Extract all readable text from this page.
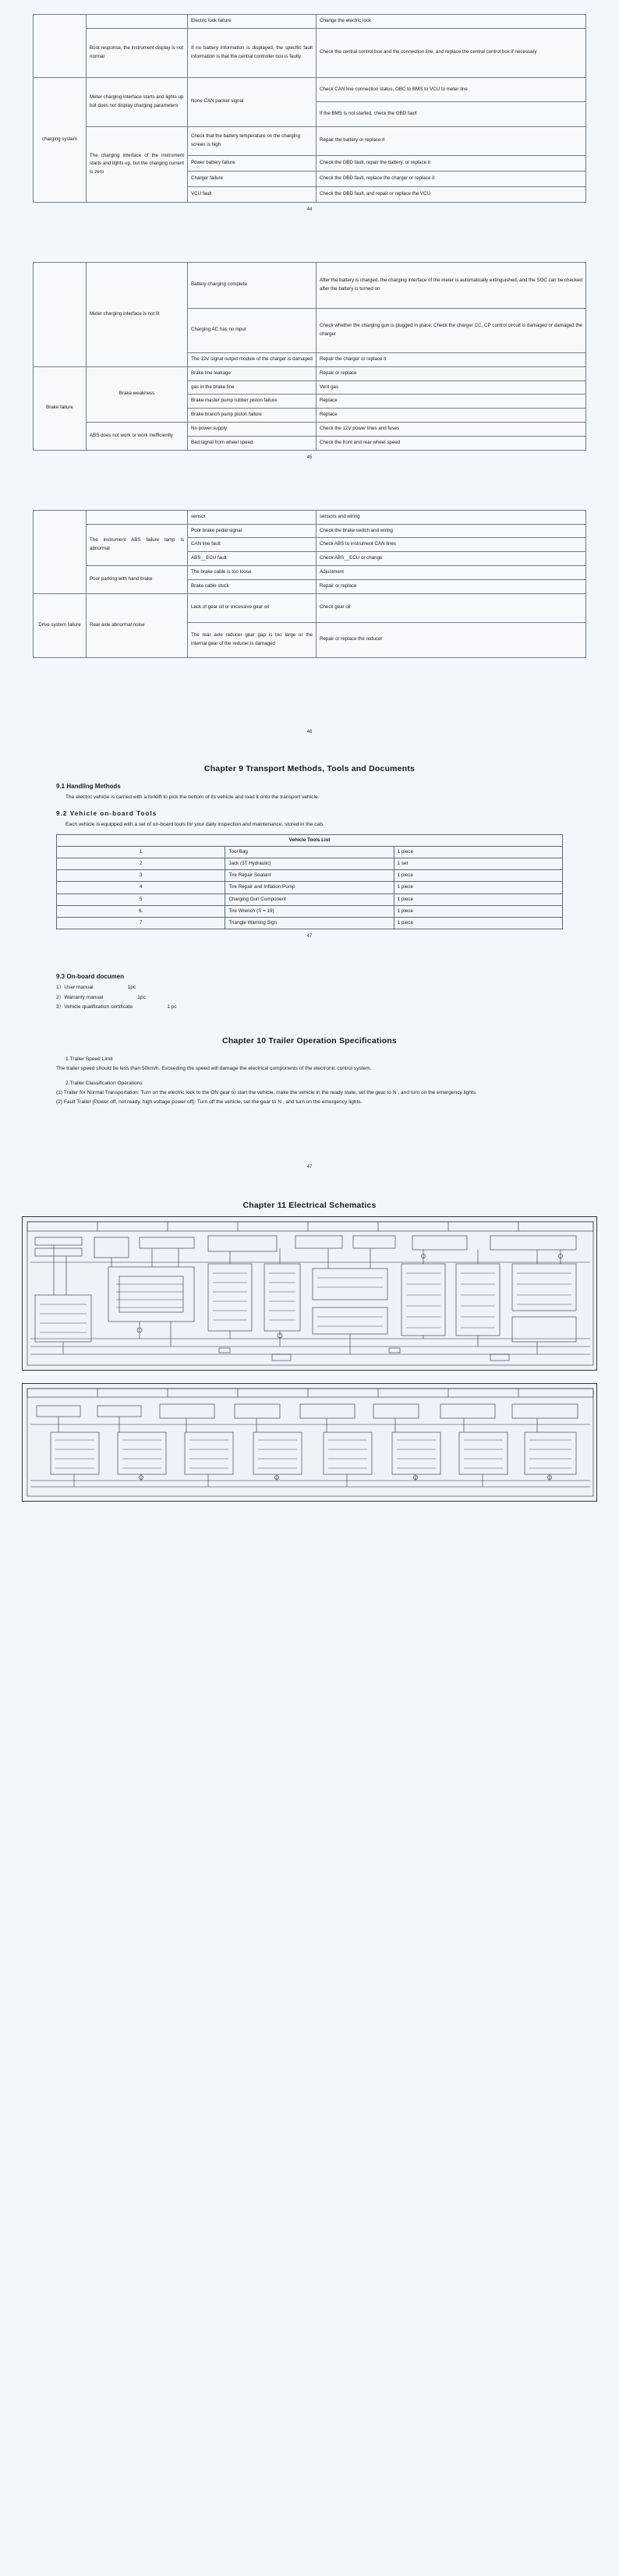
		Electric lock failure	Change the electric lock
	Boot response, the instrument display is not normal	If no battery information is displayed, the specific fault information is that the central controller box is faulty	Check the central control box and the connection line, and replace the central control box if necessary
charging system	Meter charging interface starts and lights up but does not display charging parameters	None CAN packet signal	Check CAN line connection status, OBC to BMS to VCU to meter line
			If the BMS is not started, check the OBD fault
	The charging interface of the instrument starts and lights up, but the charging current is zero	Check that the battery temperature on the charging screen is high	Repair the battery or replace it
		Power battery failure	Check the OBD fault, repair the battery, or replace it
		Charger failure	Check the OBD fault, replace the charger or replace it
		VCU fault	Check the OBD fault, and repair or replace the VCU
44
	Meter charging interface is not lit	Battery charging complete	After the battery is charged, the charging interface of the meter is automatically extinguished, and the SOC can be checked after the battery is turned on
		Charging AC has no input	Check whether the charging gun is plugged in place; Check the charger CC, CP control circuit is damaged or damaged the charger
		The 12V signal output module of the charger is damaged	Repair the charger or replace it
Brake failure	Brake weakness	Brake line leakage	Repair or replace
		gas in the brake line	Vent gas
		Brake master pump rubber piston failure	Replace
		Brake branch pump piston failure	Replace
	ABS does not work or work inefficiently	No power supply	Check the 12V power lines and fuses
		Bad signal from wheel speed	Check the front and rear wheel speed
45
		sensor	sensors and wiring
	The instrument ABS failure lamp is abnormal	Poor brake pedal signal	Check the brake switch and wiring
		CAN line fault	Check ABS to instrument CAN lines
		ABS__ECU fault	Check ABS__ECU or change
	Poor parking with hand brake	The brake cable is too loose	Adjustment
		Brake cable stuck	Repair or replace
Drive system failure	Rear axle abnormal noise	Lack of gear oil or excessive gear oil	Check gear oil
		The rear axle reducer gear gap is too large or the internal gear of the reducer is damaged	Repair or replace the reducer
46
Chapter 9 Transport Methods, Tools and Documents
9.1 Handling Methods

The electric vehicle is carried with a forklift to pick the bottom of its vehicle and load it onto the transport vehicle.

9.2 Vehicle on-board Tools

Each vehicle is equipped with a set of on-board tools for your daily inspection and maintenance, stored in the cab.

Vehicle Tools List		
1	Tool Bag	1 piece
2	Jack (3T Hydraulic)	1 set
3	Tire Repair Sealant	1 piece
4	Tire Repair and Inflation Pump	1 piece
5	Charging Gun Component	1 piece
6.	Tire Wrench (S = 19)	1 piece
7	Triangle Warning Sign	1 piece
47
9.3 On-board documen

1）User manual	1pc

2）Warranty manual	1pc

3）Vehicle qualification certificate	1 pc

Chapter 10 Trailer Operation Specifications

1.Trailer Speed Limit

The trailer speed should be less than 50km/h. Exceeding the speed will damage the electrical components of the electronic control system.

2.Trailer Classification Operations

(1) Trailer for Normal Transportation: Turn on the electric lock to the ON gear to start the vehicle, make the vehicle in the ready state, set the gear to N , and turn on the emergency lights.

(2) Fault Trailer (Power off, not ready, high voltage power off): Turn off the vehicle, set the gear to N , and turn on the emergency lights.

47
Chapter 11 Electrical Schematics
